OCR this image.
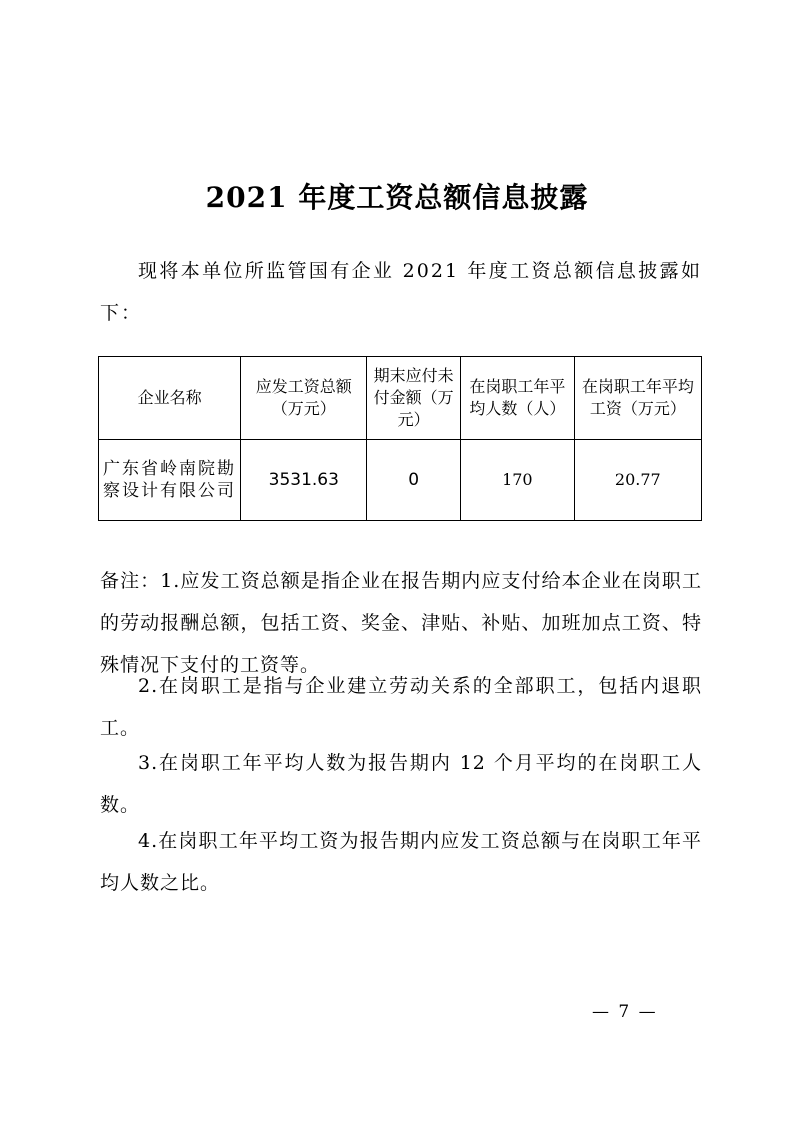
2021 年度工资总额信息披露

现将本单位所监管国有企业 2021 年度工资总额信息披露如下：

企业名称	应发工资总额（万元）	期末应付未付金额（万元）	在岗职工年平均人数（人）	在岗职工年平均工资（万元）
广东省岭南院勘察设计有限公司	3531.63	0	170	20.77

备注：1.应发工资总额是指企业在报告期内应支付给本企业在岗职工的劳动报酬总额，包括工资、奖金、津贴、补贴、加班加点工资、特殊情况下支付的工资等。

2.在岗职工是指与企业建立劳动关系的全部职工，包括内退职工。

3.在岗职工年平均人数为报告期内 12 个月平均的在岗职工人数。

4.在岗职工年平均工资为报告期内应发工资总额与在岗职工年平均人数之比。

— 7 —
